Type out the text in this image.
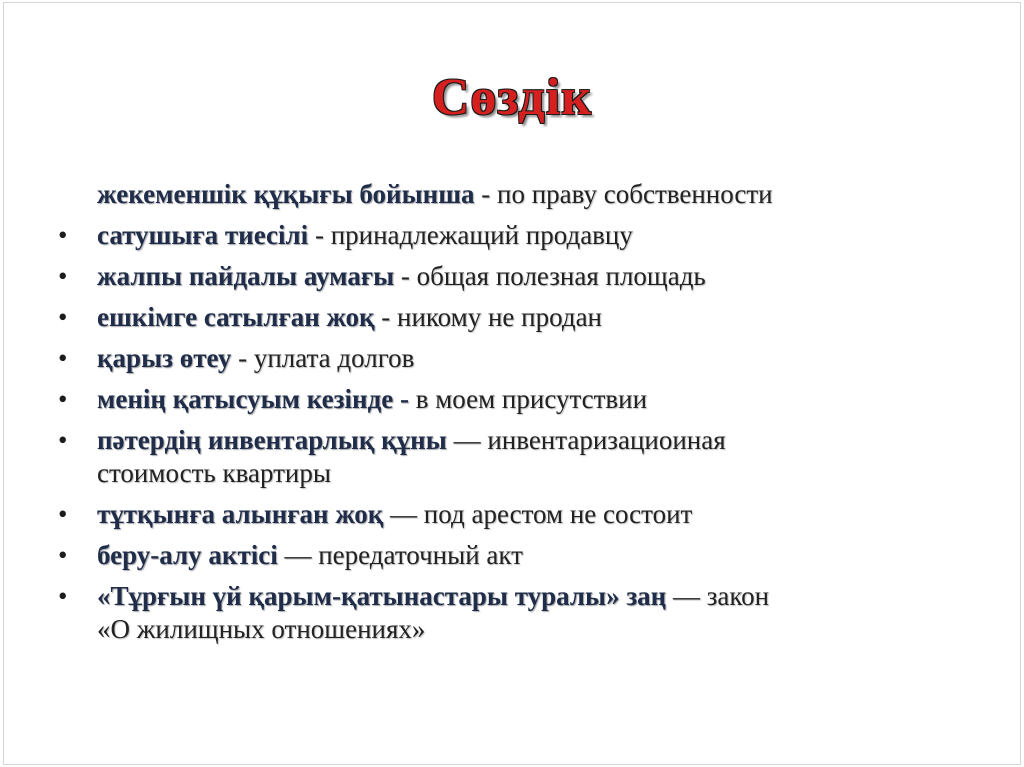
Сөздік
жекеменшік құқығы бойынша - по праву собственности
•	сатушыға тиесілі - принадлежащий продавцу
•	жалпы пайдалы аумағы - общая полезная площадь
•	ешкімге сатылған жоқ - никому не продан
•	қарыз өтеу - уплата долгов
•	менің қатысуым кезінде - в моем присутствии
•	пәтердің инвентарлық құны — инвентаризациоиная
стоимость квартиры
•	тұтқынға алынған жоқ — под арестом не состоит
•	беру-алу актісі — передаточный акт
•	«Тұрғын үй қарым-қатынастары туралы» заң — закон
«О жилищных отношениях»
